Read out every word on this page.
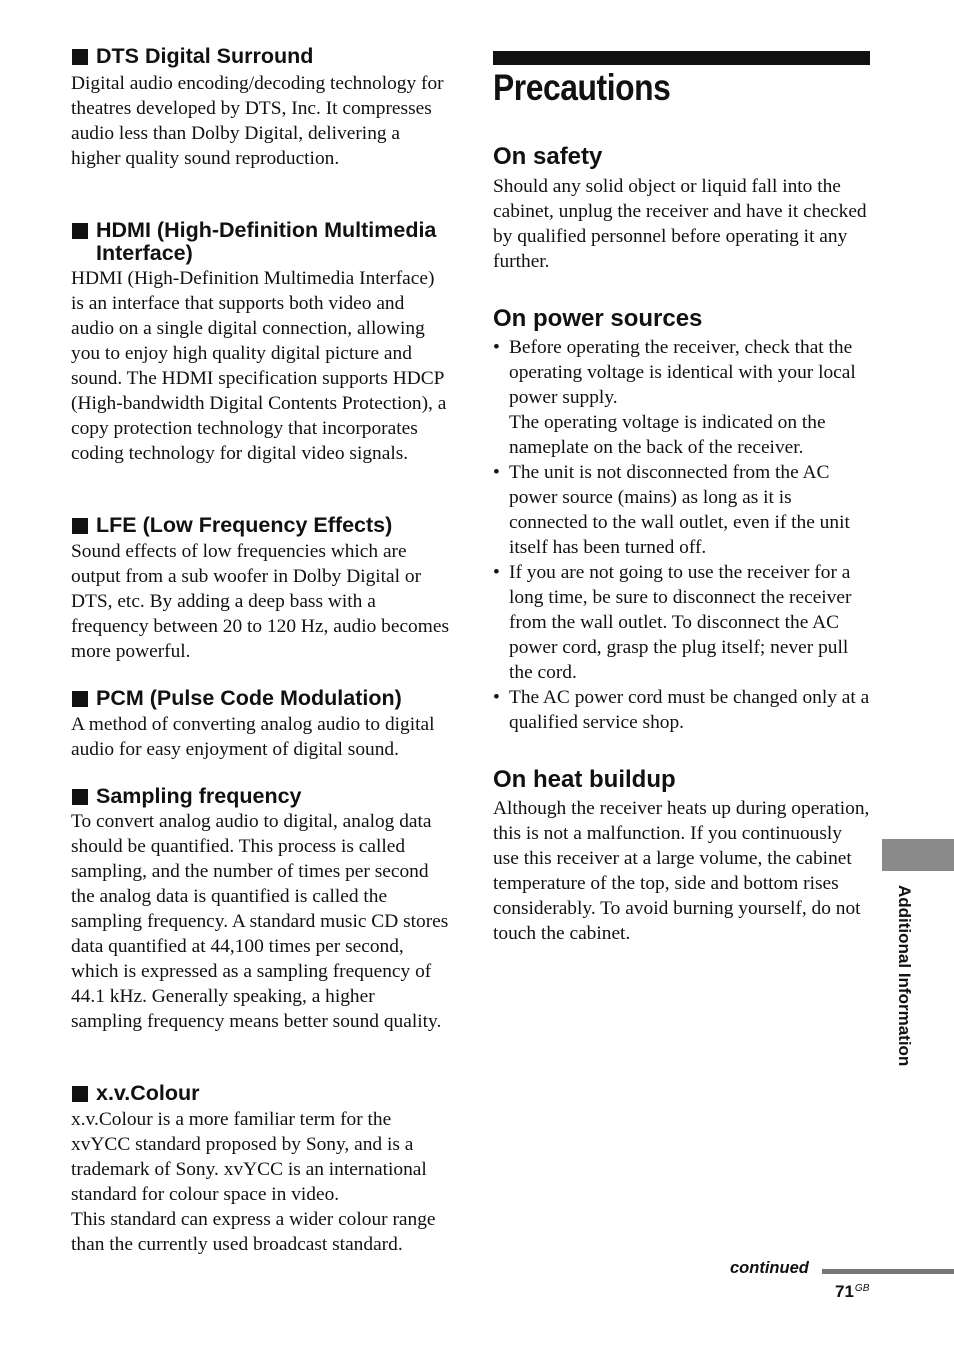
DTS Digital Surround

Digital audio encoding/decoding technology for theatres developed by DTS, Inc. It compresses audio less than Dolby Digital, delivering a higher quality sound reproduction.

HDMI (High-Definition Multimedia Interface)

HDMI (High-Definition Multimedia Interface) is an interface that supports both video and audio on a single digital connection, allowing you to enjoy high quality digital picture and sound. The HDMI specification supports HDCP (High-bandwidth Digital Contents Protection), a copy protection technology that incorporates coding technology for digital video signals.

LFE (Low Frequency Effects)

Sound effects of low frequencies which are output from a sub woofer in Dolby Digital or DTS, etc. By adding a deep bass with a frequency between 20 to 120 Hz, audio becomes more powerful.

PCM (Pulse Code Modulation)

A method of converting analog audio to digital audio for easy enjoyment of digital sound.

Sampling frequency

To convert analog audio to digital, analog data should be quantified. This process is called sampling, and the number of times per second the analog data is quantified is called the sampling frequency. A standard music CD stores data quantified at 44,100 times per second, which is expressed as a sampling frequency of 44.1 kHz. Generally speaking, a higher sampling frequency means better sound quality.

x.v.Colour

x.v.Colour is a more familiar term for the xvYCC standard proposed by Sony, and is a trademark of Sony. xvYCC is an international standard for colour space in video.

This standard can express a wider colour range than the currently used broadcast standard.

Precautions
On safety

Should any solid object or liquid fall into the cabinet, unplug the receiver and have it checked by qualified personnel before operating it any further.

On power sources
• Before operating the receiver, check that the operating voltage is identical with your local power supply.
The operating voltage is indicated on the nameplate on the back of the receiver.
• The unit is not disconnected from the AC power source (mains) as long as it is connected to the wall outlet, even if the unit itself has been turned off.
• If you are not going to use the receiver for a long time, be sure to disconnect the receiver from the wall outlet. To disconnect the AC power cord, grasp the plug itself; never pull the cord.
• The AC power cord must be changed only at a qualified service shop.
On heat buildup

Although the receiver heats up during operation, this is not a malfunction. If you continuously use this receiver at a large volume, the cabinet temperature of the top, side and bottom rises considerably. To avoid burning yourself, do not touch the cabinet.	Additional Information
continued
$71^{GB}$
